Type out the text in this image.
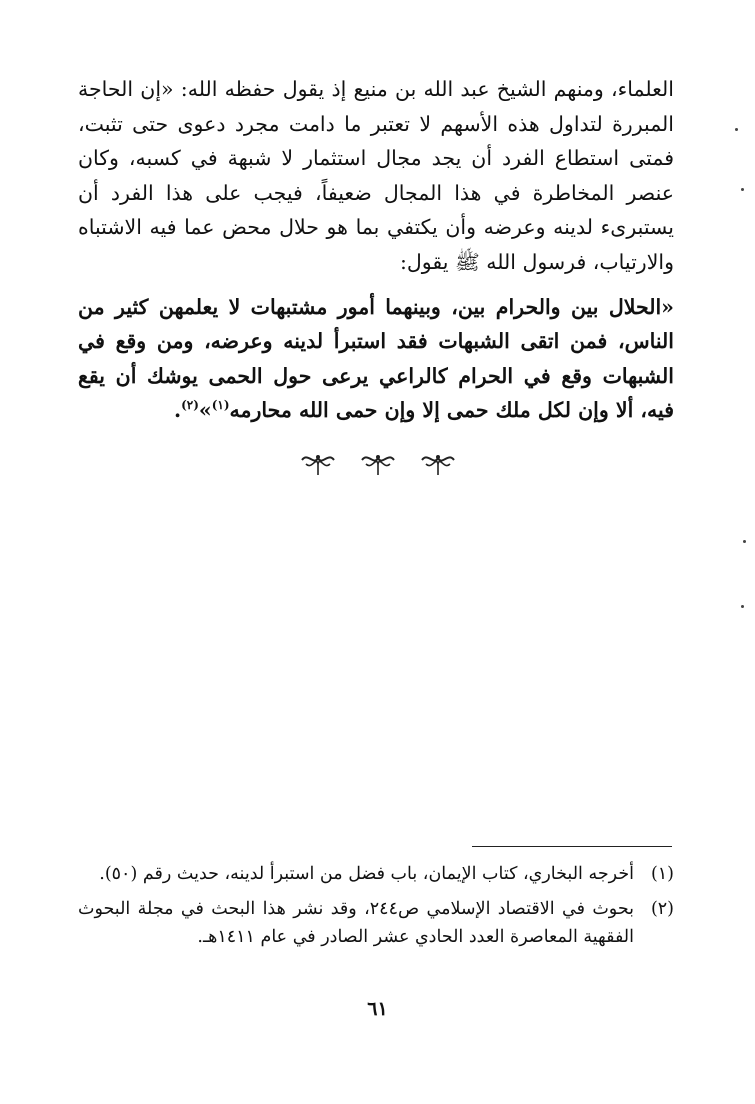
العلماء، ومنهم الشيخ عبد الله بن منيع إذ يقول حفظه الله: «إن الحاجة المبررة لتداول هذه الأسهم لا تعتبر ما دامت مجرد دعوى حتى تثبت، فمتى استطاع الفرد أن يجد مجال استثمار لا شبهة في كسبه، وكان عنصر المخاطرة في هذا المجال ضعيفاً، فيجب على هذا الفرد أن يستبرىء لدينه وعرضه وأن يكتفي بما هو حلال محض عما فيه الاشتباه والارتياب، فرسول الله ﷺ يقول:

«الحلال بين والحرام بين، وبينهما أمور مشتبهات لا يعلمهن كثير من الناس، فمن اتقى الشبهات فقد استبرأ لدينه وعرضه، ومن وقع في الشبهات وقع في الحرام كالراعي يرعى حول الحمى يوشك أن يقع فيه، ألا وإن لكل ملك حمى إلا وإن حمى الله محارمه$^{(١)}$»$^{(٢)}$.

(١)
أخرجه البخاري، كتاب الإيمان، باب فضل من استبرأ لدينه، حديث رقم (٥٠).
(٢)
بحوث في الاقتصاد الإسلامي ص٢٤٤، وقد نشر هذا البحث في مجلة البحوث الفقهية المعاصرة العدد الحادي عشر الصادر في عام ١٤١١هـ.
٦١
